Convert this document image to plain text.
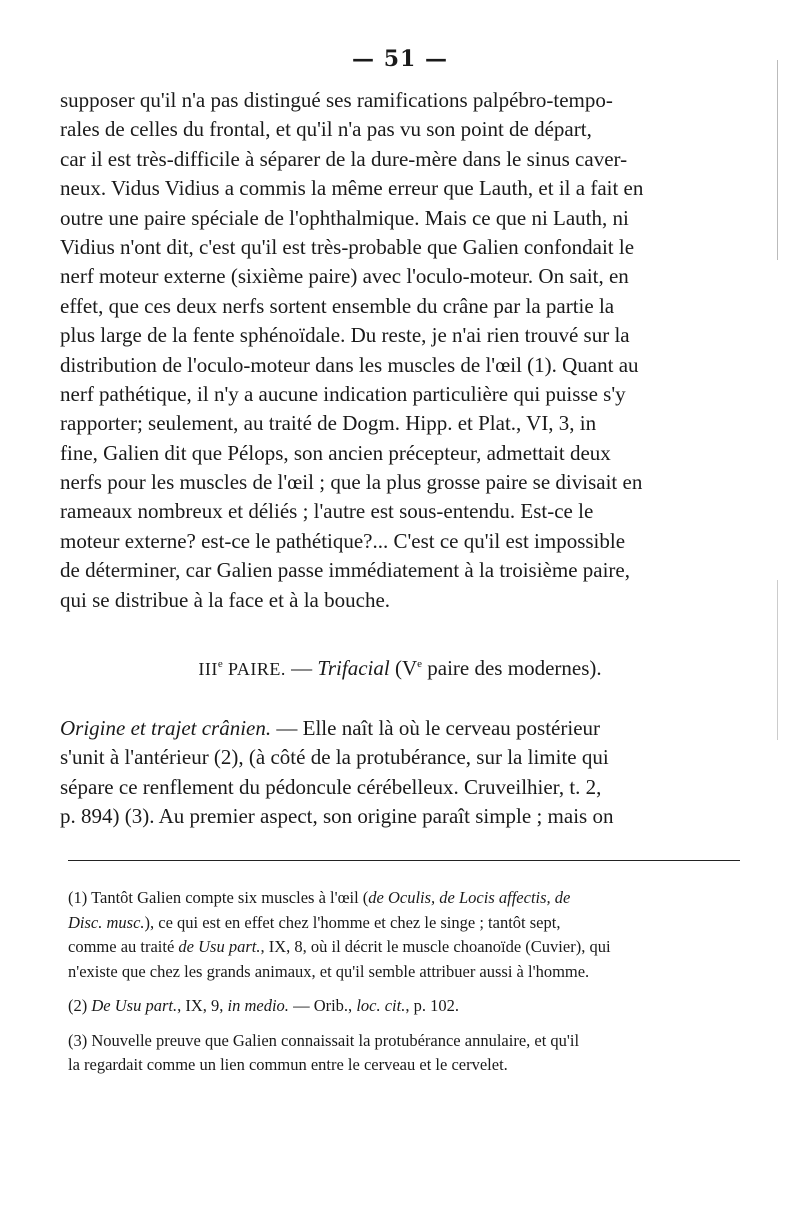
— 51 —
supposer qu'il n'a pas distingué ses ramifications palpébro-tempo-
rales de celles du frontal, et qu'il n'a pas vu son point de départ,
car il est très-difficile à séparer de la dure-mère dans le sinus caver-
neux. Vidus Vidius a commis la même erreur que Lauth, et il a fait en
outre une paire spéciale de l'ophthalmique. Mais ce que ni Lauth, ni
Vidius n'ont dit, c'est qu'il est très-probable que Galien confondait le
nerf moteur externe (sixième paire) avec l'oculo-moteur. On sait, en
effet, que ces deux nerfs sortent ensemble du crâne par la partie la
plus large de la fente sphénoïdale. Du reste, je n'ai rien trouvé sur la
distribution de l'oculo-moteur dans les muscles de l'œil (1). Quant au
nerf pathétique, il n'y a aucune indication particulière qui puisse s'y
rapporter; seulement, au traité de Dogm. Hipp. et Plat., VI, 3, in
fine, Galien dit que Pélops, son ancien précepteur, admettait deux
nerfs pour les muscles de l'œil ; que la plus grosse paire se divisait en
rameaux nombreux et déliés ; l'autre est sous-entendu. Est-ce le
moteur externe? est-ce le pathétique?... C'est ce qu'il est impossible
de déterminer, car Galien passe immédiatement à la troisième paire,
qui se distribue à la face et à la bouche.
IIIe PAIRE. — Trifacial (Ve paire des modernes).
Origine et trajet crânien. — Elle naît là où le cerveau postérieur
s'unit à l'antérieur (2), (à côté de la protubérance, sur la limite qui
sépare ce renflement du pédoncule cérébelleux. Cruveilhier, t. 2,
p. 894) (3). Au premier aspect, son origine paraît simple ; mais on
(1) Tantôt Galien compte six muscles à l'œil (de Oculis, de Locis affectis, de
Disc. musc.), ce qui est en effet chez l'homme et chez le singe ; tantôt sept,
comme au traité de Usu part., IX, 8, où il décrit le muscle choanoïde (Cuvier), qui
n'existe que chez les grands animaux, et qu'il semble attribuer aussi à l'homme.
(2) De Usu part., IX, 9, in medio. — Orib., loc. cit., p. 102.
(3) Nouvelle preuve que Galien connaissait la protubérance annulaire, et qu'il
la regardait comme un lien commun entre le cerveau et le cervelet.
